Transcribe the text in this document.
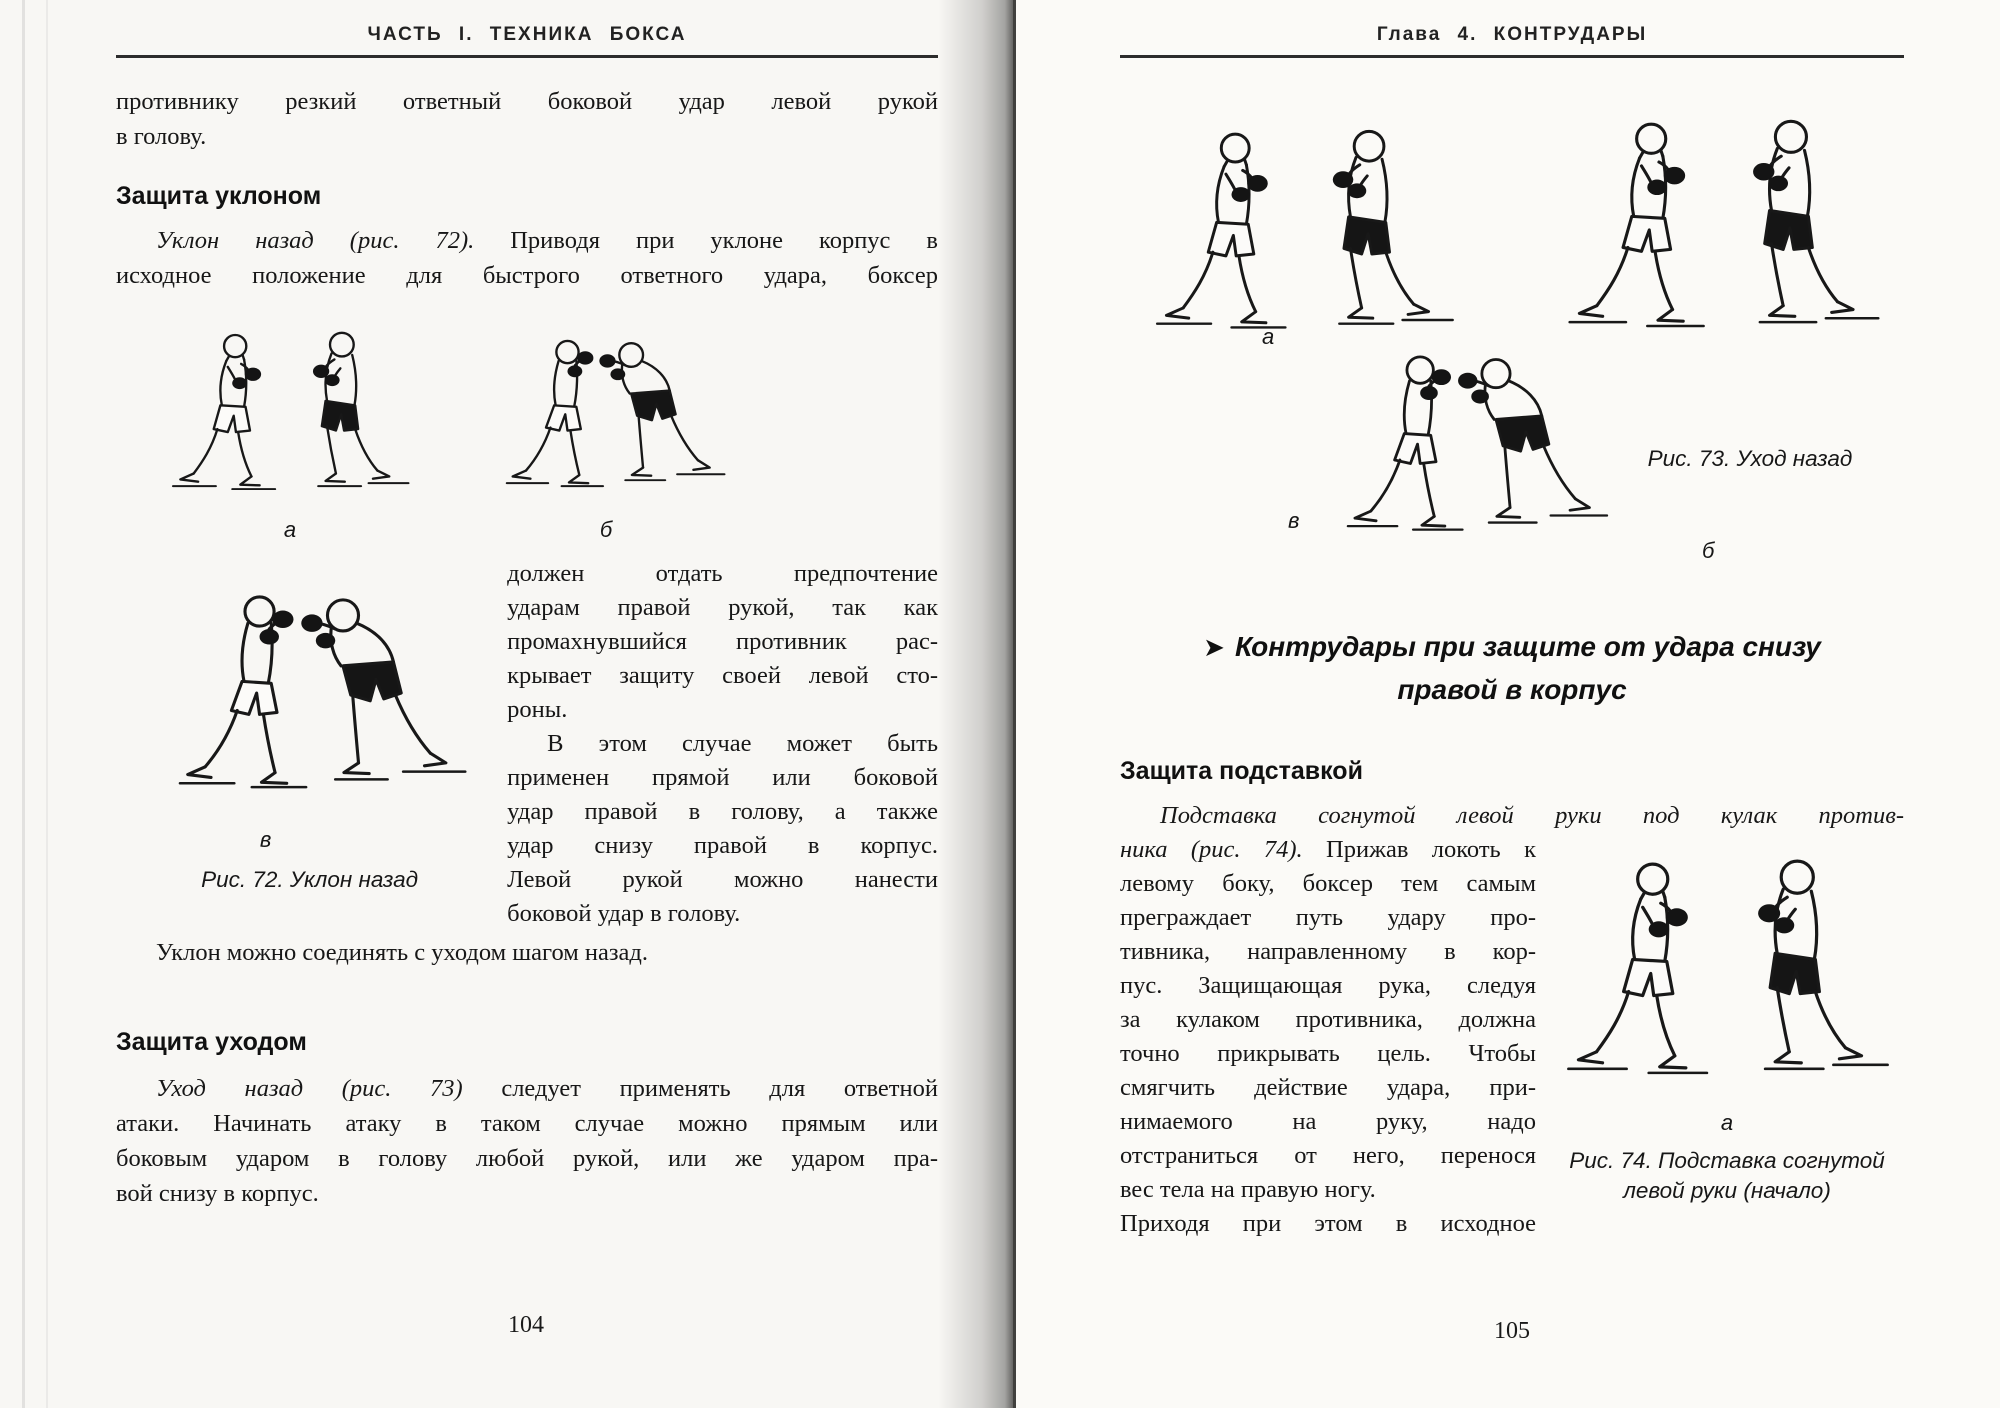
ЧАСТЬ I. ТЕХНИКА БОКСА
противнику резкий ответный боковой удар левой рукой
в голову.
Защита уклоном
Уклон назад (рис. 72). Приводя при уклоне корпус в
исходное положение для быстрого ответного удара, боксер
а	б
в
Рис. 72. Уклон назад
должен отдать предпочтение
ударам правой рукой, так как
промахнувшийся противник рас-
крывает защиту своей левой сто-
роны.
В этом случае может быть
применен прямой или боковой
удар правой в голову, а также
удар снизу правой в корпус.
Левой рукой можно нанести
боковой удар в голову.
Уклон можно соединять с уходом шагом назад.
Защита уходом
Уход назад (рис. 73) следует применять для ответной
атаки. Начинать атаку в таком случае можно прямым или
боковым ударом в голову любой рукой, или же ударом пра-
вой снизу в корпус.
Глава 4. КОНТРУДАРЫ
а
б
в
Рис. 73. Уход назад
➤ Контрудары при защите от удара снизу
правой в корпус
Защита подставкой
Подставка согнутой левой руки под кулак против-
ника (рис. 74). Прижав локоть к
левому боку, боксер тем самым
преграждает путь удару про-
тивника, направленному в кор-
пус. Защищающая рука, следуя
за кулаком противника, должна
точно прикрывать цель. Чтобы
смягчить действие удара, при-
нимаемого на руку, надо
отстраниться от него, перенося
вес тела на правую ногу.
Приходя при этом в исходное
а
Рис. 74. Подставка согнутой
левой руки (начало)
104	105
